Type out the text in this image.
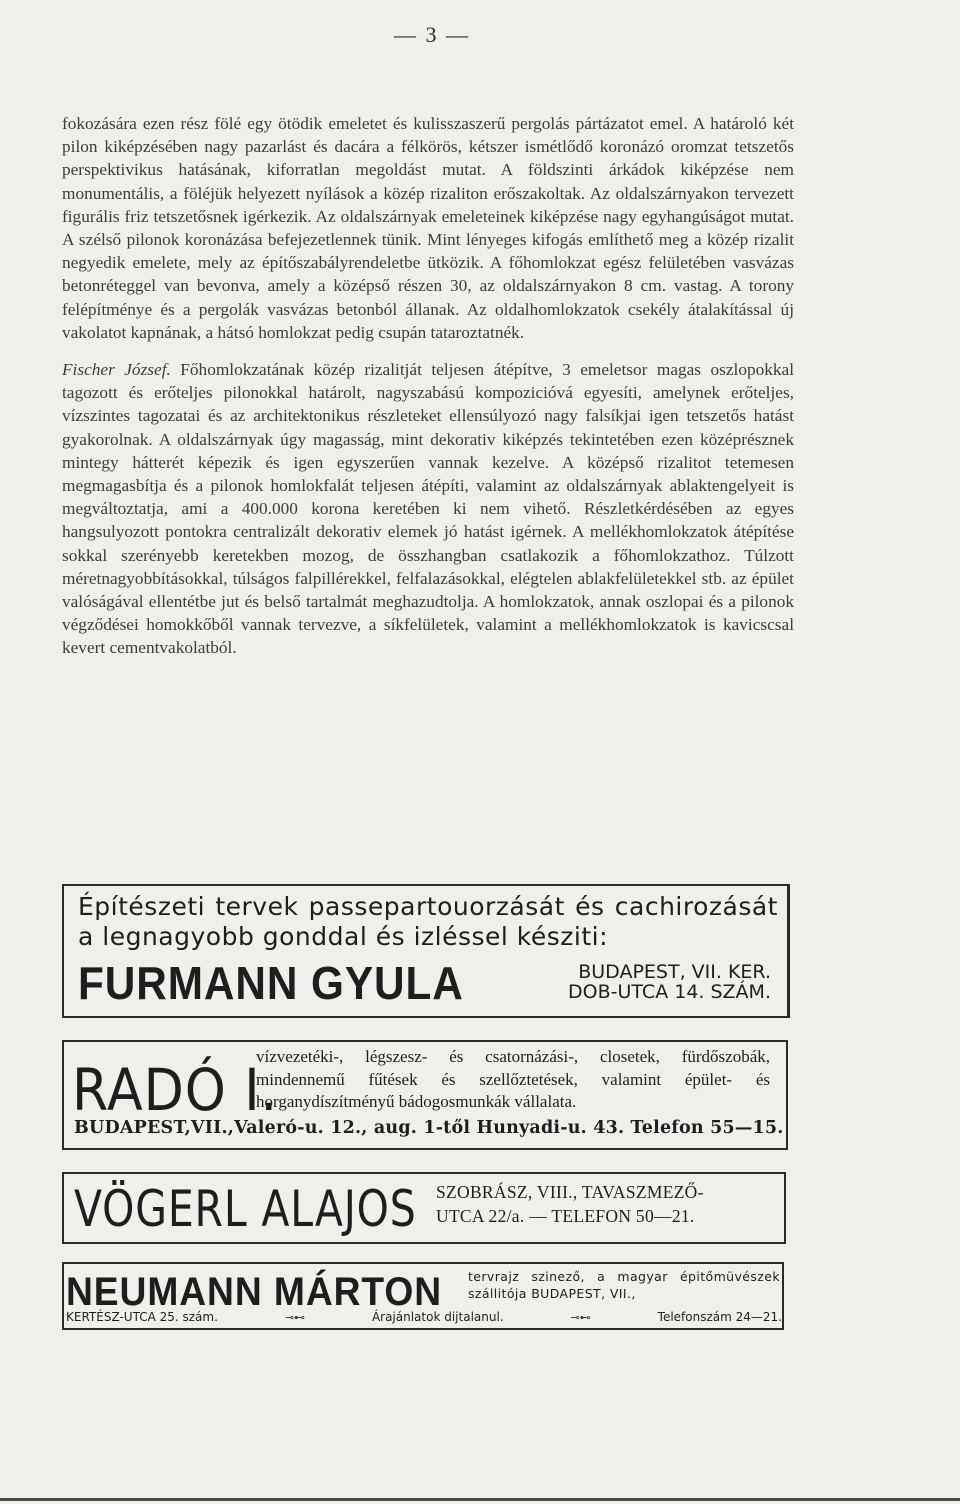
— 3 —

fokozására ezen rész fölé egy ötödik emeletet és kulisszaszerű pergolás pártázatot emel. A határoló két pilon kiképzésében nagy pazarlást és dacára a félkörös, kétszer ismétlődő koronázó oromzat tetszetős perspektivikus hatásának, kiforratlan megoldást mutat. A földszinti árkádok kiképzése nem monumentális, a föléjük helyezett nyílások a közép rizaliton erőszakoltak. Az oldalszárnyakon tervezett figurális friz tetszetősnek igérkezik. Az oldalszárnyak emeleteinek kiképzése nagy egyhangúságot mutat. A szélső pilonok koronázása befejezetlennek tünik. Mint lényeges kifogás említhető meg a közép rizalit negyedik emelete, mely az építőszabályrendeletbe ütközik. A főhomlokzat egész felületében vasvázas betonréteggel van bevonva, amely a középső részen 30, az oldalszárnyakon 8 cm. vastag. A torony felépítménye és a pergolák vasvázas betonból állanak. Az oldalhomlokzatok csekély átalakítással új vakolatot kapnának, a hátsó homlokzat pedig csupán tataroztatnék.

Fischer József. Főhomlokzatának közép rizalitját teljesen átépítve, 3 emeletsor magas oszlopokkal tagozott és erőteljes pilonokkal határolt, nagyszabású kompozicióvá egyesíti, amelynek erőteljes, vízszintes tagozatai és az architektonikus részleteket ellensúlyozó nagy falsíkjai igen tetszetős hatást gyakorolnak. A oldalszárnyak úgy magasság, mint dekorativ kiképzés tekintetében ezen középrésznek mintegy hátterét képezik és igen egyszerűen vannak kezelve. A középső rizalitot tetemesen megmagasbítja és a pilonok homlokfalát teljesen átépíti, valamint az oldalszárnyak ablaktengelyeit is megváltoztatja, ami a 400.000 korona keretében ki nem vihető. Részletkérdésében az egyes hangsulyozott pontokra centralizált dekorativ elemek jó hatást igérnek. A mellékhomlokzatok átépítése sokkal szerényebb keretekben mozog, de összhangban csatlakozik a főhomlokzathoz. Túlzott méretnagyobbításokkal, túlságos falpillérekkel, felfalazásokkal, elégtelen ablakfelületekkel stb. az épület valóságával ellentétbe jut és belső tartalmát meghazudtolja. A homlokzatok, annak oszlopai és a pilonok végződései homokkőből vannak tervezve, a síkfelületek, valamint a mellékhomlokzatok is kavicscsal kevert cementvakolatból.

Építészeti tervek passepartouorzását és cachirozását a legnagyobb gonddal és izléssel késziti:
FURMANN GYULA	BUDAPEST, VII. KER.
DOB-UTCA 14. SZÁM.
RADÓ I.
vízvezetéki-, légszesz- és csatornázási-, closetek, fürdőszobák, mindennemű fűtések és szellőztetések, valamint épület- és horganydíszítményű bádogosmunkák vállalata.
BUDAPEST,VII.,Valeró-u. 12., aug. 1-től Hunyadi-u. 43. Telefon 55—15.
VÖGERL ALAJOS SZOBRÁSZ, VIII., TAVASZMEZŐ-
UTCA 22/a. — TELEFON 50—21.
NEUMANN MÁRTON tervrajz szinező, a magyar épitőmüvészek szállitója BUDAPEST, VII.,
KERTÉSZ-UTCA 25. szám.	⊸⊷	Árajánlatok dijtalanul.	⊸⊷	Telefonszám 24—21.
